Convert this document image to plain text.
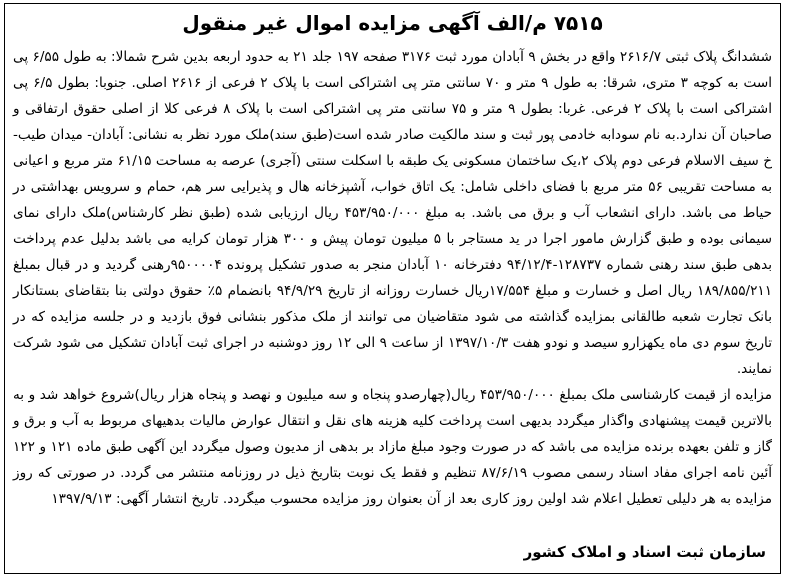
۷۵۱۵ م/الف آگهی مزایده اموال غیر منقول

ششدانگ پلاک ثبتی ۲۶۱۶/۷ واقع در بخش ۹ آبادان مورد ثبت ۳۱۷۶ صفحه ۱۹۷ جلد ۲۱ به حدود اربعه بدین شرح شمالا: به طول ۶/۵۵ پی است به کوچه ۳ متری، شرقا: به طول ۹ متر و ۷۰ سانتی متر پی اشتراکی است با پلاک ۲ فرعی از ۲۶۱۶ اصلی. جنوبا: بطول ۶/۵ پی اشتراکی است با پلاک ۲ فرعی. غربا: بطول ۹ متر و ۷۵ سانتی متر پی اشتراکی است با پلاک ۸ فرعی کلا از اصلی حقوق ارتفاقی و صاحبان آن ندارد.به نام سودابه خادمی پور ثبت و سند مالکیت صادر شده است(طبق سند)ملک مورد نظر به نشانی: آبادان- میدان طیب- خ سیف الاسلام فرعی دوم پلاک ۲،یک ساختمان مسکونی یک طبقه با اسکلت سنتی (آجری) عرصه به مساحت ۶۱/۱۵ متر مربع و اعیانی به مساحت تقریبی ۵۶ متر مربع با فضای داخلی شامل: یک اتاق خواب، آشپزخانه هال و پذیرایی سر هم، حمام و سرویس بهداشتی در حیاط می باشد. دارای انشعاب آب و برق می باشد. به مبلغ ۴۵۳/۹۵۰/۰۰۰ ریال ارزیابی شده (طبق نظر کارشناس)ملک دارای نمای سیمانی بوده و طبق گزارش مامور اجرا در ید مستاجر با ۵ میلیون تومان پیش و ۳۰۰ هزار تومان کرایه می باشد بدلیل عدم پرداخت بدهی طبق سند رهنی شماره ۱۲۸۷۳۷-۹۴/۱۲/۴ دفترخانه ۱۰ آبادان منجر به صدور تشکیل پرونده ۹۵۰۰۰۰۴رهنی گردید و در قبال بمبلغ ۱۸۹/۸۵۵/۲۱۱ ریال اصل و خسارت و مبلغ ۱۷/۵۵۴ریال خسارت روزانه از تاریخ ۹۴/۹/۲۹ بانضمام ۵٪ حقوق دولتی بنا بتقاضای بستانکار بانک تجارت شعبه طالقانی بمزایده گذاشته می شود متقاضیان می توانند از ملک مذکور بنشانی فوق بازدید و در جلسه مزایده که در تاریخ سوم دی ماه یکهزارو سیصد و نودو هفت ۱۳۹۷/۱۰/۳ از ساعت ۹ الی ۱۲ روز دوشنبه در اجرای ثبت آبادان تشکیل می شود شرکت نمایند.

مزایده از قیمت کارشناسی ملک بمبلغ ۴۵۳/۹۵۰/۰۰۰ ریال(چهارصدو پنجاه و سه میلیون و نهصد و پنجاه هزار ریال)شروع خواهد شد و به بالاترین قیمت پیشنهادی واگذار میگردد بدیهی است پرداخت کلیه هزینه های نقل و انتقال عوارض مالیات بدهیهای مربوط به آب و برق و گاز و تلفن بعهده برنده مزایده می باشد که در صورت وجود مبلغ مازاد بر بدهی از مدیون وصول میگردد این آگهی طبق ماده ۱۲۱ و ۱۲۲ آئین نامه اجرای مفاد اسناد رسمی مصوب ۸۷/۶/۱۹ تنظیم و فقط یک نوبت بتاریخ ذیل در روزنامه منتشر می گردد. در صورتی که روز مزایده به هر دلیلی تعطیل اعلام شد اولین روز کاری بعد از آن بعنوان روز مزایده محسوب میگردد. تاریخ انتشار آگهی: ۱۳۹۷/۹/۱۳

سازمان ثبت اسناد و املاک کشور
